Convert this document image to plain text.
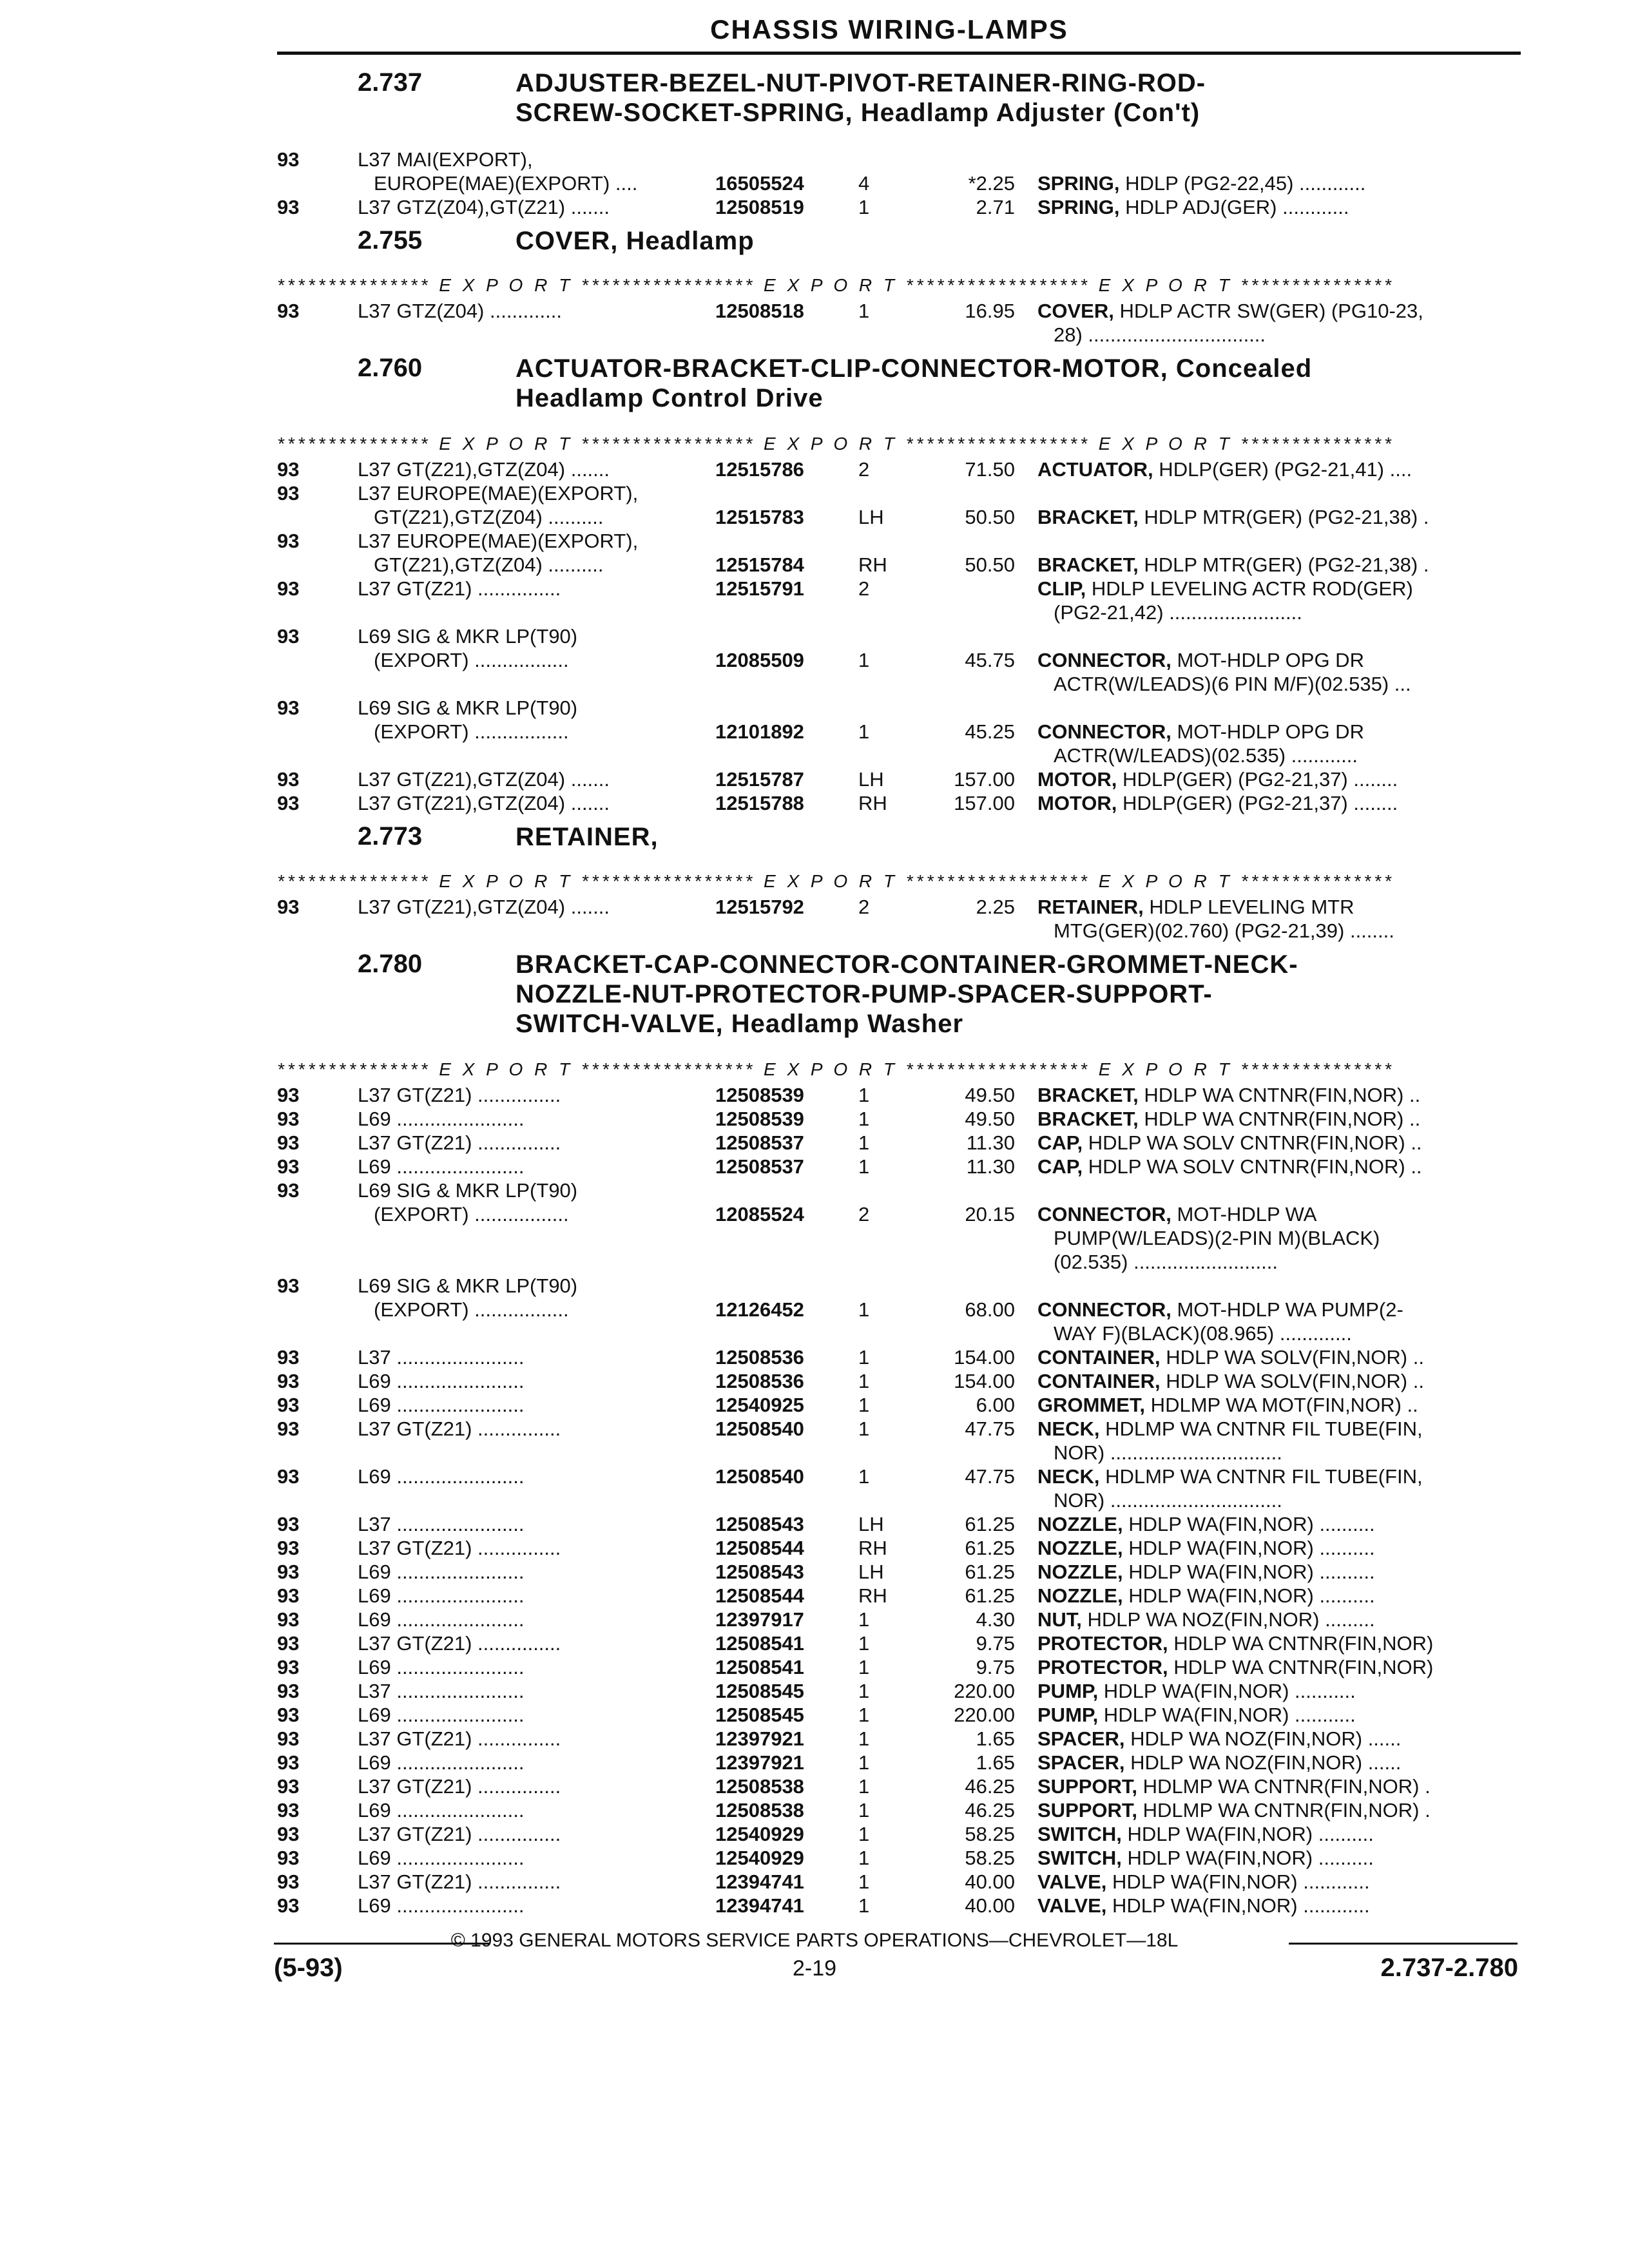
CHASSIS WIRING-LAMPS
2.737	ADJUSTER-BEZEL-NUT-PIVOT-RETAINER-RING-ROD-
SCREW-SOCKET-SPRING, Headlamp Adjuster (Con't)
93	L37 MAI(EXPORT),
EUROPE(MAE)(EXPORT) ....	16505524	4	*2.25 SPRING, HDLP (PG2-22,45) ............
93	L37 GTZ(Z04),GT(Z21) .......	12508519	1	2.71 SPRING, HDLP ADJ(GER) ............
2.755	COVER, Headlamp
*************** E X P O R T ***************** E X P O R T ****************** E X P O R T ***************
93	L37 GTZ(Z04) .............	12508518	1	16.95 COVER, HDLP ACTR SW(GER) (PG10-23,
28) ................................
2.760	ACTUATOR-BRACKET-CLIP-CONNECTOR-MOTOR, Concealed
Headlamp Control Drive
*************** E X P O R T ***************** E X P O R T ****************** E X P O R T ***************
93	L37 GT(Z21),GTZ(Z04) .......	12515786	2	71.50 ACTUATOR, HDLP(GER) (PG2-21,41) ....
93	L37 EUROPE(MAE)(EXPORT),
GT(Z21),GTZ(Z04) ..........	12515783	LH	50.50 BRACKET, HDLP MTR(GER) (PG2-21,38) .
93	L37 EUROPE(MAE)(EXPORT),
GT(Z21),GTZ(Z04) ..........	12515784	RH	50.50 BRACKET, HDLP MTR(GER) (PG2-21,38) .
93	L37 GT(Z21) ...............	12515791	2	CLIP, HDLP LEVELING ACTR ROD(GER)
(PG2-21,42) ........................
93	L69 SIG & MKR LP(T90)
(EXPORT) .................	12085509	1	45.75 CONNECTOR, MOT-HDLP OPG DR
ACTR(W/LEADS)(6 PIN M/F)(02.535) ...
93	L69 SIG & MKR LP(T90)
(EXPORT) .................	12101892	1	45.25 CONNECTOR, MOT-HDLP OPG DR
ACTR(W/LEADS)(02.535) ............
93	L37 GT(Z21),GTZ(Z04) .......	12515787	LH	157.00 MOTOR, HDLP(GER) (PG2-21,37) ........
93	L37 GT(Z21),GTZ(Z04) .......	12515788	RH	157.00 MOTOR, HDLP(GER) (PG2-21,37) ........
2.773	RETAINER,
*************** E X P O R T ***************** E X P O R T ****************** E X P O R T ***************
93	L37 GT(Z21),GTZ(Z04) .......	12515792	2	2.25 RETAINER, HDLP LEVELING MTR
MTG(GER)(02.760) (PG2-21,39) ........
2.780	BRACKET-CAP-CONNECTOR-CONTAINER-GROMMET-NECK-
NOZZLE-NUT-PROTECTOR-PUMP-SPACER-SUPPORT-
SWITCH-VALVE, Headlamp Washer
*************** E X P O R T ***************** E X P O R T ****************** E X P O R T ***************
93	L37 GT(Z21) ...............	12508539	1	49.50 BRACKET, HDLP WA CNTNR(FIN,NOR) ..
93	L69 .......................	12508539	1	49.50 BRACKET, HDLP WA CNTNR(FIN,NOR) ..
93	L37 GT(Z21) ...............	12508537	1	11.30 CAP, HDLP WA SOLV CNTNR(FIN,NOR) ..
93	L69 .......................	12508537	1	11.30 CAP, HDLP WA SOLV CNTNR(FIN,NOR) ..
93	L69 SIG & MKR LP(T90)
(EXPORT) .................	12085524	2	20.15 CONNECTOR, MOT-HDLP WA
PUMP(W/LEADS)(2-PIN M)(BLACK)
(02.535) ..........................
93	L69 SIG & MKR LP(T90)
(EXPORT) .................	12126452	1	68.00 CONNECTOR, MOT-HDLP WA PUMP(2-
WAY F)(BLACK)(08.965) .............
93	L37 .......................	12508536	1	154.00 CONTAINER, HDLP WA SOLV(FIN,NOR) ..
93	L69 .......................	12508536	1	154.00 CONTAINER, HDLP WA SOLV(FIN,NOR) ..
93	L69 .......................	12540925	1	6.00 GROMMET, HDLMP WA MOT(FIN,NOR) ..
93	L37 GT(Z21) ...............	12508540	1	47.75 NECK, HDLMP WA CNTNR FIL TUBE(FIN,
NOR) ...............................
93	L69 .......................	12508540	1	47.75 NECK, HDLMP WA CNTNR FIL TUBE(FIN,
NOR) ...............................
93	L37 .......................	12508543	LH	61.25 NOZZLE, HDLP WA(FIN,NOR) ..........
93	L37 GT(Z21) ...............	12508544	RH	61.25 NOZZLE, HDLP WA(FIN,NOR) ..........
93	L69 .......................	12508543	LH	61.25 NOZZLE, HDLP WA(FIN,NOR) ..........
93	L69 .......................	12508544	RH	61.25 NOZZLE, HDLP WA(FIN,NOR) ..........
93	L69 .......................	12397917	1	4.30 NUT, HDLP WA NOZ(FIN,NOR) .........
93	L37 GT(Z21) ...............	12508541	1	9.75 PROTECTOR, HDLP WA CNTNR(FIN,NOR)
93	L69 .......................	12508541	1	9.75 PROTECTOR, HDLP WA CNTNR(FIN,NOR)
93	L37 .......................	12508545	1	220.00 PUMP, HDLP WA(FIN,NOR) ...........
93	L69 .......................	12508545	1	220.00 PUMP, HDLP WA(FIN,NOR) ...........
93	L37 GT(Z21) ...............	12397921	1	1.65 SPACER, HDLP WA NOZ(FIN,NOR) ......
93	L69 .......................	12397921	1	1.65 SPACER, HDLP WA NOZ(FIN,NOR) ......
93	L37 GT(Z21) ...............	12508538	1	46.25 SUPPORT, HDLMP WA CNTNR(FIN,NOR) .
93	L69 .......................	12508538	1	46.25 SUPPORT, HDLMP WA CNTNR(FIN,NOR) .
93	L37 GT(Z21) ...............	12540929	1	58.25 SWITCH, HDLP WA(FIN,NOR) ..........
93	L69 .......................	12540929	1	58.25 SWITCH, HDLP WA(FIN,NOR) ..........
93	L37 GT(Z21) ...............	12394741	1	40.00 VALVE, HDLP WA(FIN,NOR) ............
93	L69 .......................	12394741	1	40.00 VALVE, HDLP WA(FIN,NOR) ............
© 1993 GENERAL MOTORS SERVICE PARTS OPERATIONS—CHEVROLET—18L
(5-93)	2-19	2.737-2.780
